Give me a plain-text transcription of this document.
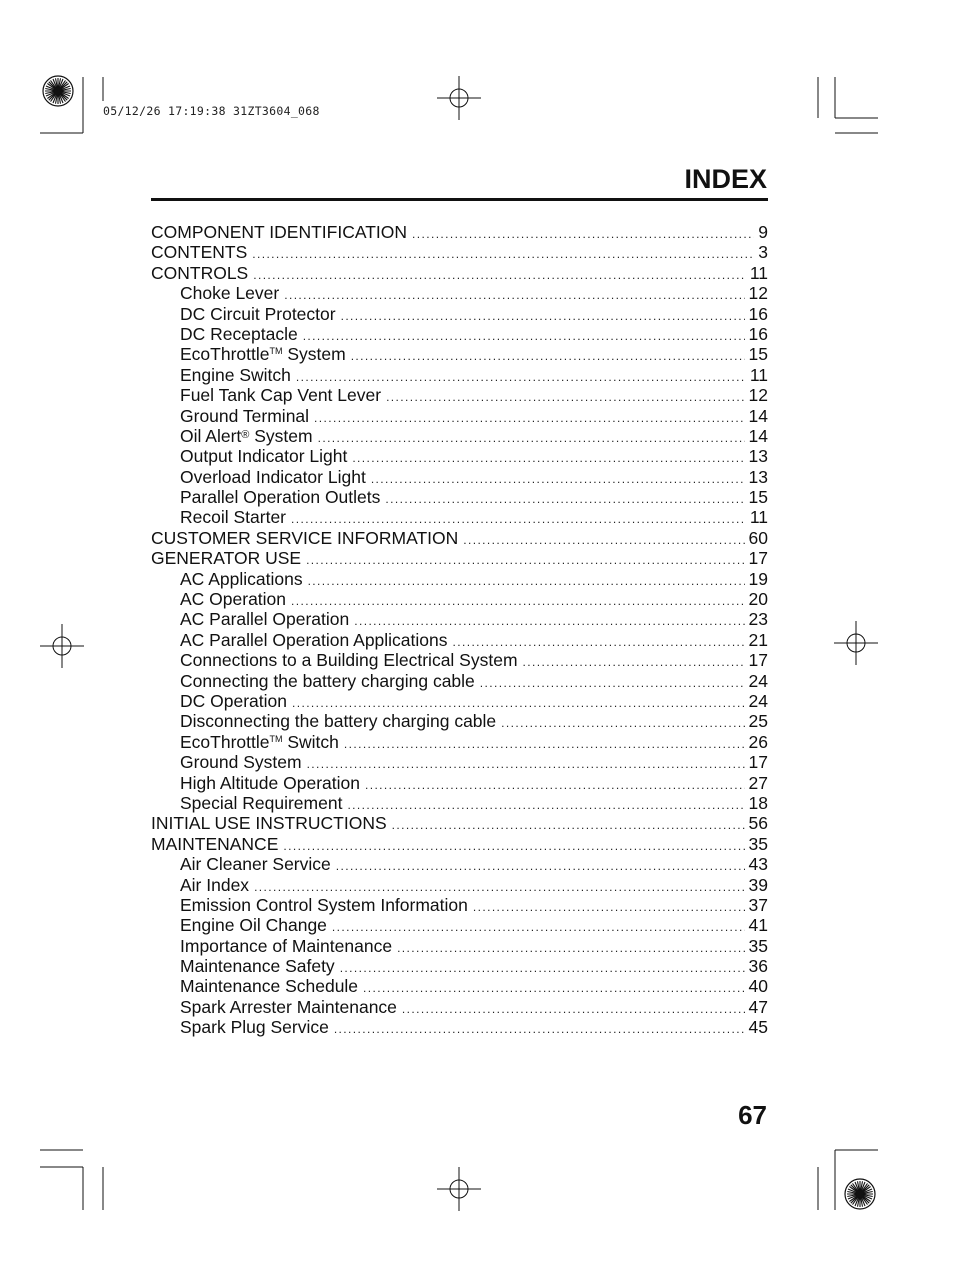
05/12/26 17:19:38 31ZT3604_068
INDEX
COMPONENT IDENTIFICATION .....	9
CONTENTS .....	3
CONTROLS .....	11
Choke Lever .....	12
DC Circuit Protector .....	16
DC Receptacle .....	16
EcoThrottle™ System .....	15
Engine Switch .....	11
Fuel Tank Cap Vent Lever .....	12
Ground Terminal .....	14
Oil Alert® System .....	14
Output Indicator Light .....	13
Overload Indicator Light .....	13
Parallel Operation Outlets .....	15
Recoil Starter .....	11
CUSTOMER SERVICE INFORMATION .....	60
GENERATOR USE .....	17
AC Applications .....	19
AC Operation .....	20
AC Parallel Operation .....	23
AC Parallel Operation Applications .....	21
Connections to a Building Electrical System .....	17
Connecting the battery charging cable .....	24
DC Operation .....	24
Disconnecting the battery charging cable .....	25
EcoThrottle™ Switch .....	26
Ground System .....	17
High Altitude Operation .....	27
Special Requirement .....	18
INITIAL USE INSTRUCTIONS .....	56
MAINTENANCE .....	35
Air Cleaner Service .....	43
Air Index .....	39
Emission Control System Information .....	37
Engine Oil Change .....	41
Importance of Maintenance .....	35
Maintenance Safety .....	36
Maintenance Schedule .....	40
Spark Arrester Maintenance .....	47
Spark Plug Service .....	45
67
